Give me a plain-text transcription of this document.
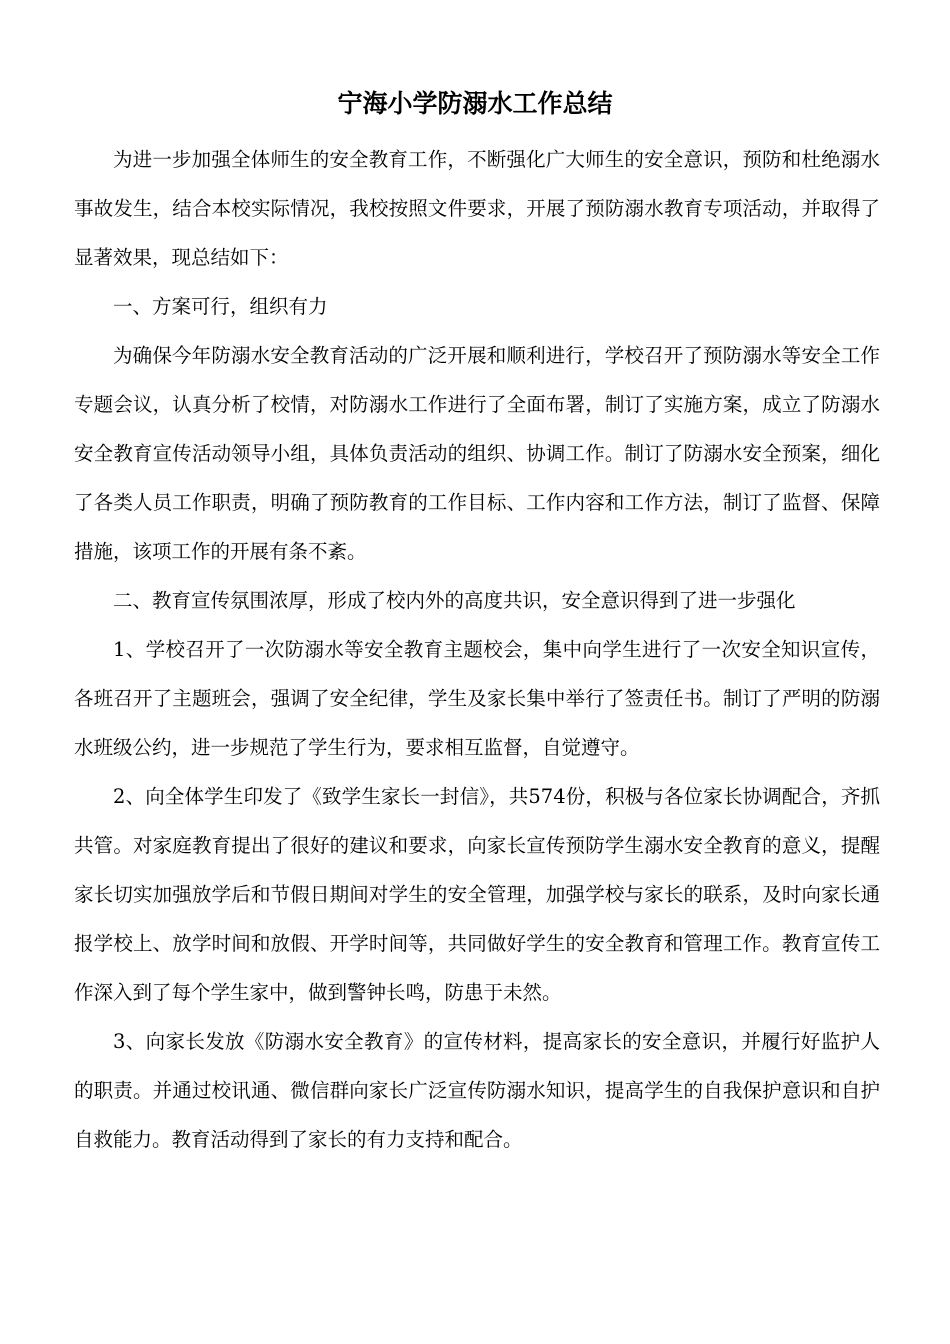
宁海小学防溺水工作总结

为进一步加强全体师生的安全教育工作，不断强化广大师生的安全意识，预防和杜绝溺水事故发生，结合本校实际情况，我校按照文件要求，开展了预防溺水教育专项活动，并取得了显著效果，现总结如下：

一、方案可行，组织有力

为确保今年防溺水安全教育活动的广泛开展和顺利进行，学校召开了预防溺水等安全工作专题会议，认真分析了校情，对防溺水工作进行了全面布署，制订了实施方案，成立了防溺水安全教育宣传活动领导小组，具体负责活动的组织、协调工作。制订了防溺水安全预案，细化了各类人员工作职责，明确了预防教育的工作目标、工作内容和工作方法，制订了监督、保障措施，该项工作的开展有条不紊。

二、教育宣传氛围浓厚，形成了校内外的高度共识，安全意识得到了进一步强化

1、学校召开了一次防溺水等安全教育主题校会，集中向学生进行了一次安全知识宣传，各班召开了主题班会，强调了安全纪律，学生及家长集中举行了签责任书。制订了严明的防溺水班级公约，进一步规范了学生行为，要求相互监督，自觉遵守。

2、向全体学生印发了《致学生家长一封信》，共574份，积极与各位家长协调配合，齐抓共管。对家庭教育提出了很好的建议和要求，向家长宣传预防学生溺水安全教育的意义，提醒家长切实加强放学后和节假日期间对学生的安全管理，加强学校与家长的联系，及时向家长通报学校上、放学时间和放假、开学时间等，共同做好学生的安全教育和管理工作。教育宣传工作深入到了每个学生家中，做到警钟长鸣，防患于未然。

3、向家长发放《防溺水安全教育》的宣传材料，提高家长的安全意识，并履行好监护人的职责。并通过校讯通、微信群向家长广泛宣传防溺水知识，提高学生的自我保护意识和自护自救能力。教育活动得到了家长的有力支持和配合。
